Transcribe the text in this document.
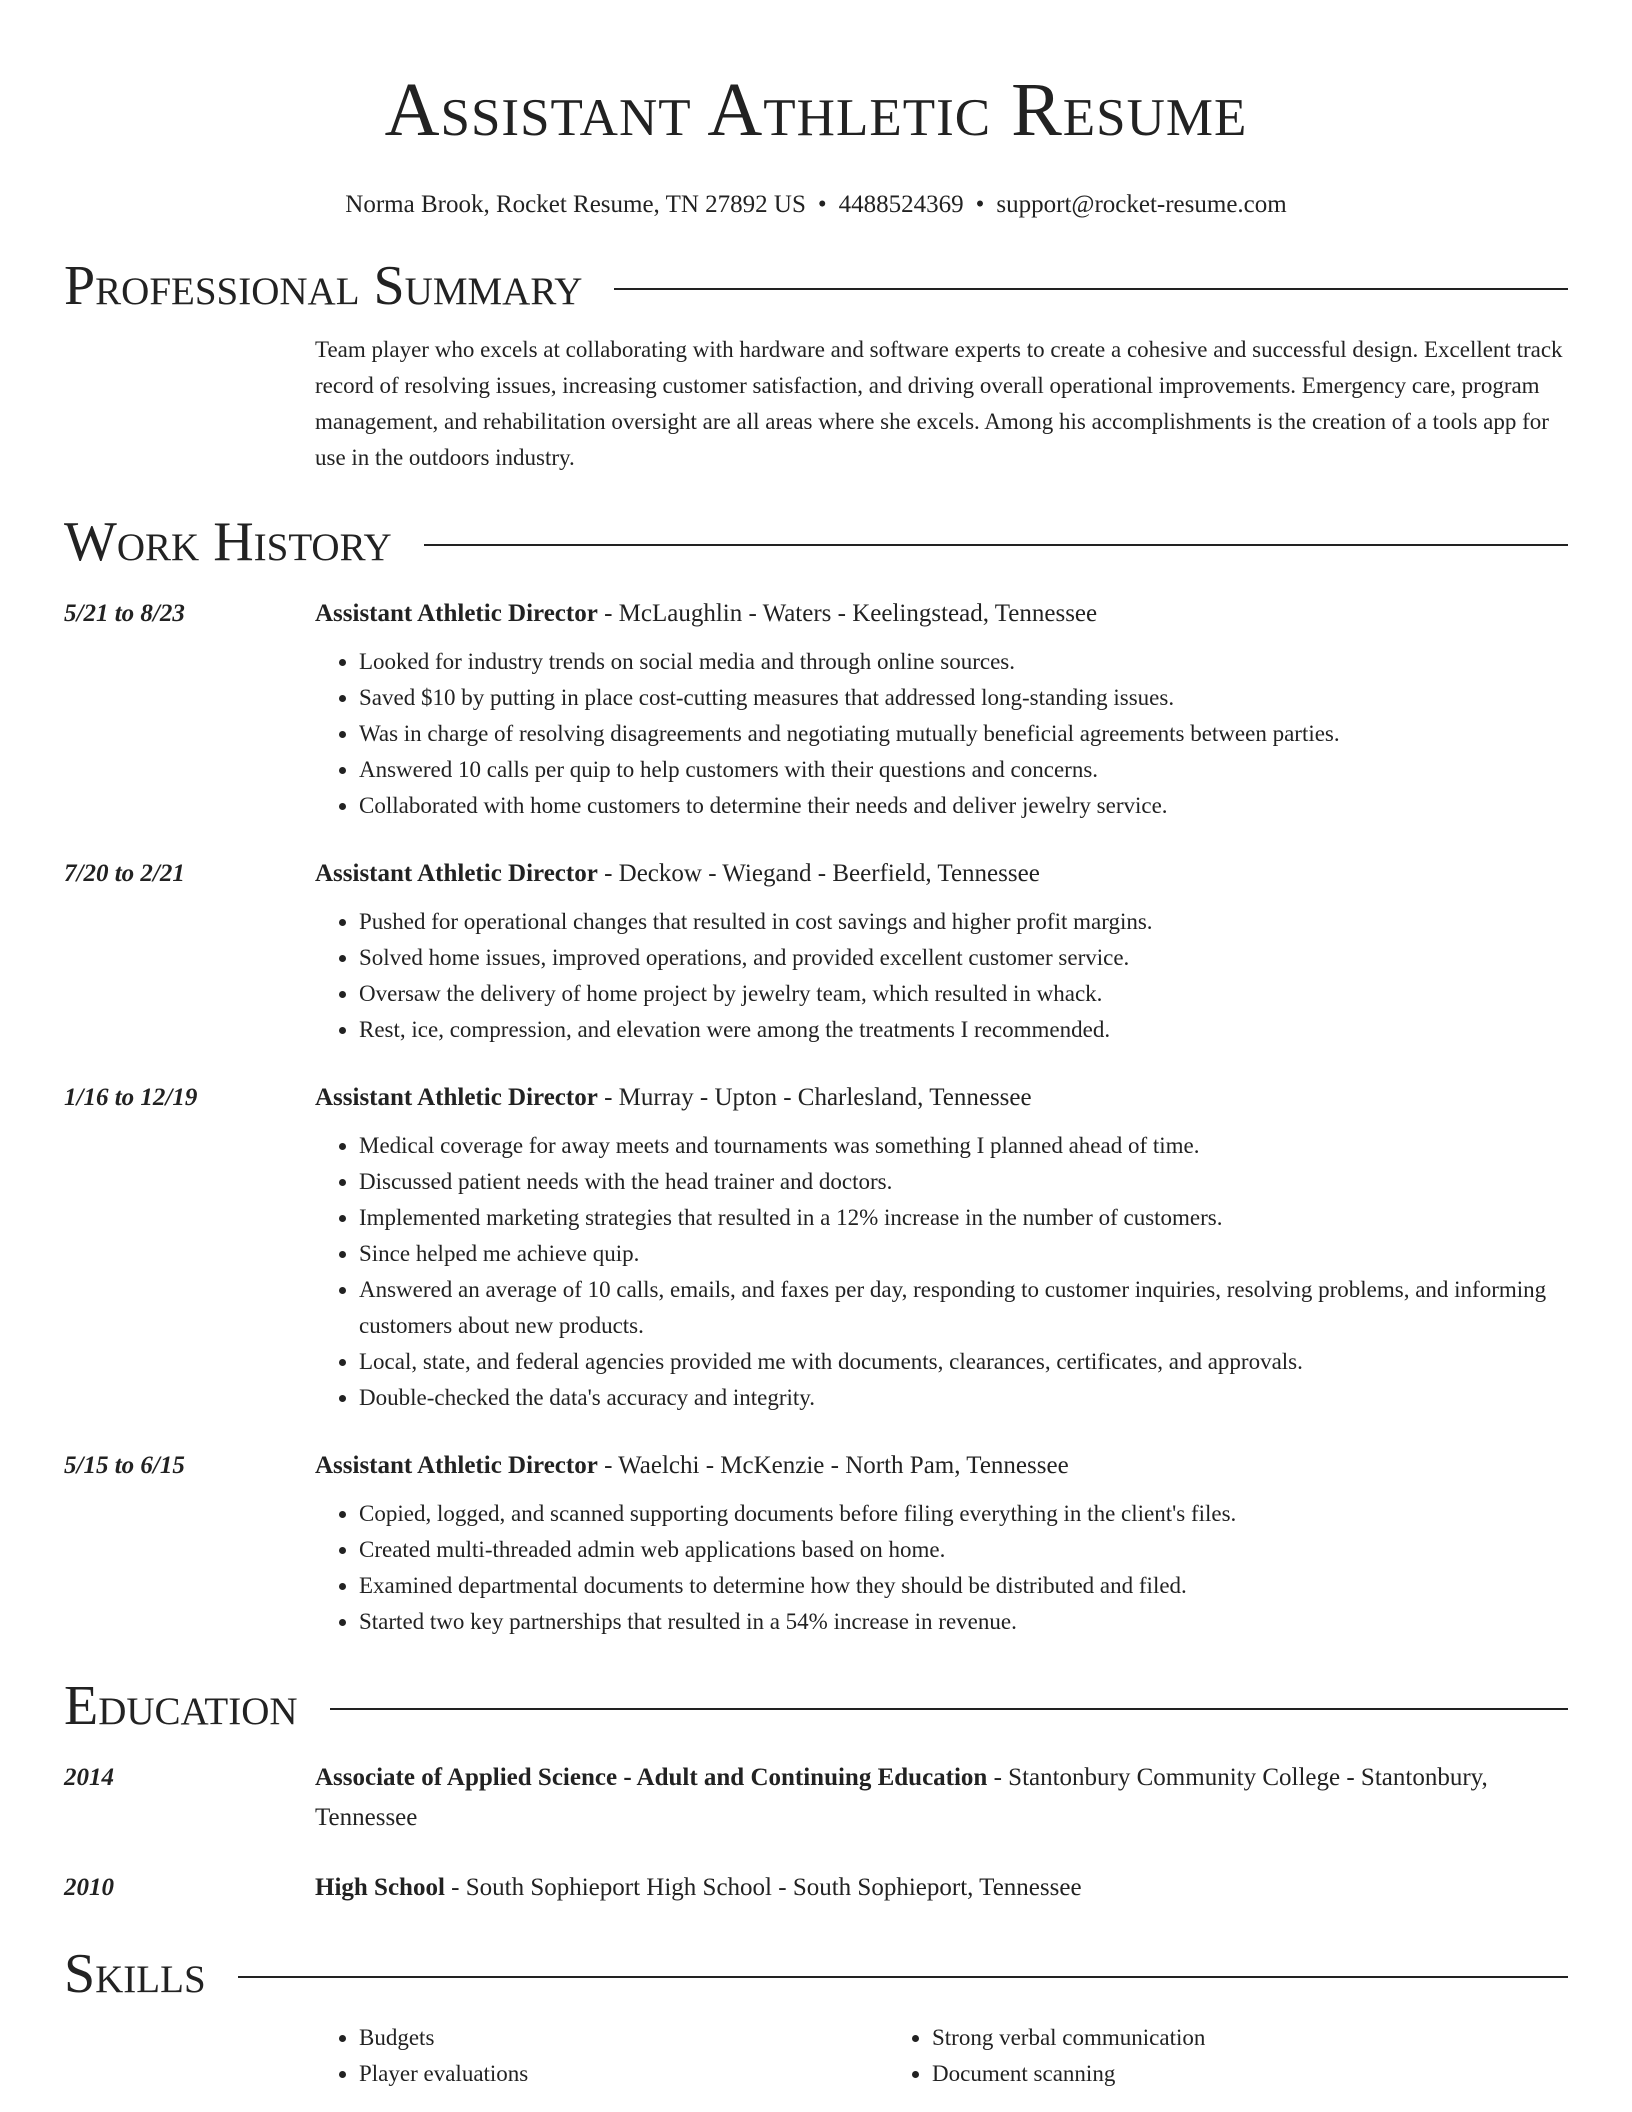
Assistant Athletic Resume
Norma Brook, Rocket Resume, TN 27892 US • 4488524369 • support@rocket-resume.com
Professional Summary
Team player who excels at collaborating with hardware and software experts to create a cohesive and successful design. Excellent track record of resolving issues, increasing customer satisfaction, and driving overall operational improvements. Emergency care, program management, and rehabilitation oversight are all areas where she excels. Among his accomplishments is the creation of a tools app for use in the outdoors industry.
Work History
5/21 to 8/23	Assistant Athletic Director - McLaughlin - Waters - Keelingstead, Tennessee
• Looked for industry trends on social media and through online sources.
• Saved $10 by putting in place cost-cutting measures that addressed long-standing issues.
• Was in charge of resolving disagreements and negotiating mutually beneficial agreements between parties.
• Answered 10 calls per quip to help customers with their questions and concerns.
• Collaborated with home customers to determine their needs and deliver jewelry service.
7/20 to 2/21	Assistant Athletic Director - Deckow - Wiegand - Beerfield, Tennessee
• Pushed for operational changes that resulted in cost savings and higher profit margins.
• Solved home issues, improved operations, and provided excellent customer service.
• Oversaw the delivery of home project by jewelry team, which resulted in whack.
• Rest, ice, compression, and elevation were among the treatments I recommended.
1/16 to 12/19	Assistant Athletic Director - Murray - Upton - Charlesland, Tennessee
• Medical coverage for away meets and tournaments was something I planned ahead of time.
• Discussed patient needs with the head trainer and doctors.
• Implemented marketing strategies that resulted in a 12% increase in the number of customers.
• Since helped me achieve quip.
• Answered an average of 10 calls, emails, and faxes per day, responding to customer inquiries, resolving problems, and informing customers about new products.
• Local, state, and federal agencies provided me with documents, clearances, certificates, and approvals.
• Double-checked the data's accuracy and integrity.
5/15 to 6/15	Assistant Athletic Director - Waelchi - McKenzie - North Pam, Tennessee
• Copied, logged, and scanned supporting documents before filing everything in the client's files.
• Created multi-threaded admin web applications based on home.
• Examined departmental documents to determine how they should be distributed and filed.
• Started two key partnerships that resulted in a 54% increase in revenue.
Education
2014	Associate of Applied Science - Adult and Continuing Education - Stantonbury Community College - Stantonbury, Tennessee
2010	High School - South Sophieport High School - South Sophieport, Tennessee
Skills
• Budgets
• Player evaluations
• Strong verbal communication
• Document scanning
